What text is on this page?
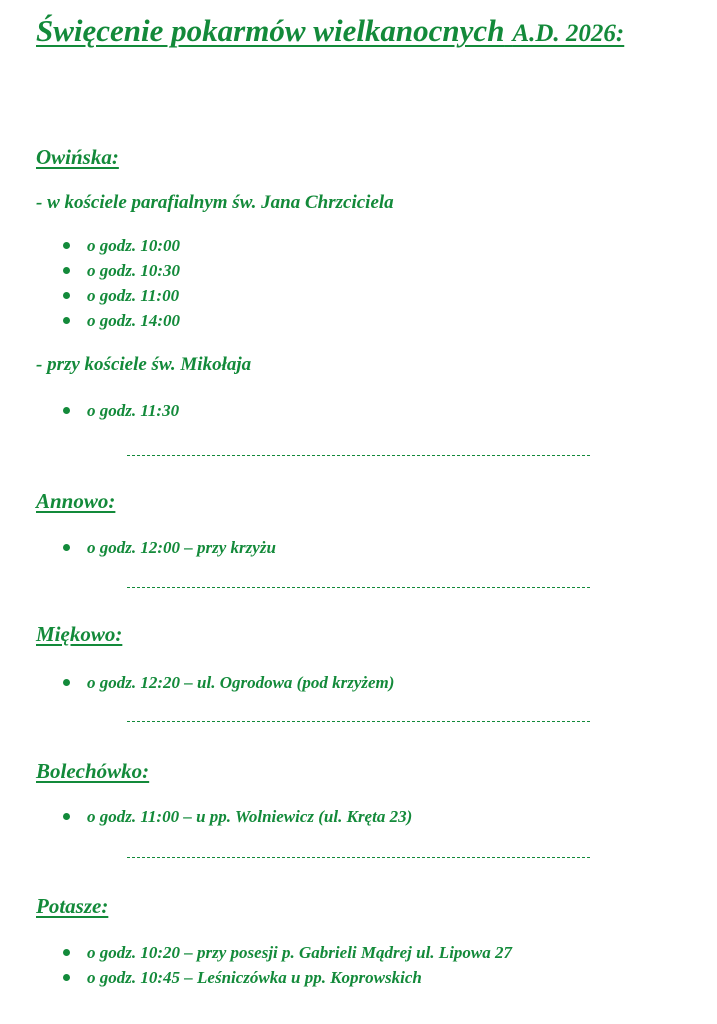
Święcenie pokarmów wielkanocnych A.D. 2026:
Owińska:

- w kościele parafialnym św. Jana Chrzciciela

o godz. 10:00
o godz. 10:30
o godz. 11:00
o godz. 14:00

- przy kościele św. Mikołaja

o godz. 11:30
Annowo:
o godz. 12:00 – przy krzyżu
Miękowo:
o godz. 12:20 – ul. Ogrodowa (pod krzyżem)
Bolechówko:
o godz. 11:00 – u pp. Wolniewicz (ul. Kręta 23)
Potasze:
o godz. 10:20 – przy posesji p. Gabrieli Mądrej ul. Lipowa 27
o godz. 10:45 – Leśniczówka u pp. Koprowskich
